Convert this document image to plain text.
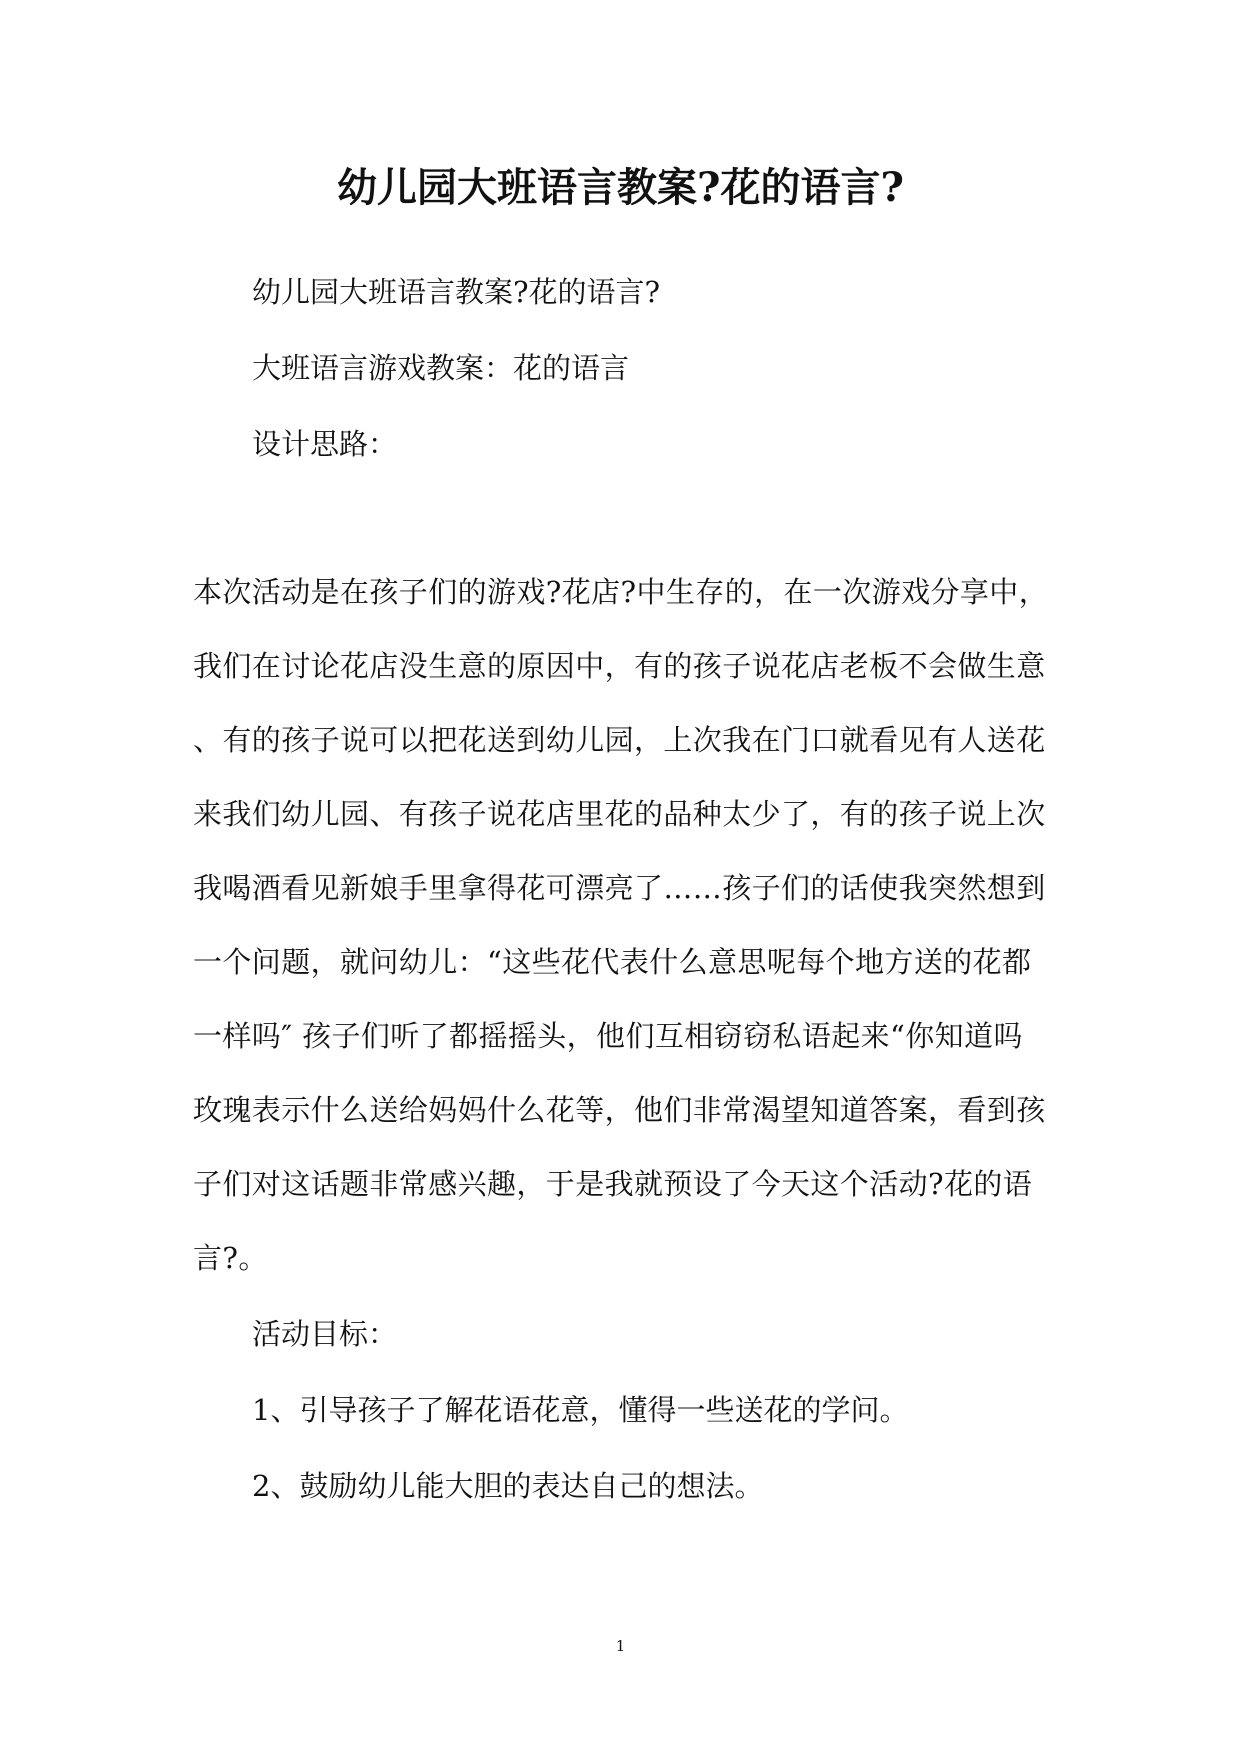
幼儿园大班语言教案?花的语言?
幼儿园大班语言教案?花的语言?
大班语言游戏教案：花的语言
设计思路：
本次活动是在孩子们的游戏?花店?中生存的，在一次游戏分享中，
我们在讨论花店没生意的原因中，有的孩子说花店老板不会做生意
、有的孩子说可以把花送到幼儿园，上次我在门口就看见有人送花
来我们幼儿园、有孩子说花店里花的品种太少了，有的孩子说上次
我喝酒看见新娘手里拿得花可漂亮了……孩子们的话使我突然想到
一个问题，就问幼儿：“这些花代表什么意思呢每个地方送的花都
一样吗″ 孩子们听了都摇摇头，他们互相窃窃私语起来“你知道吗
玫瑰表示什么送给妈妈什么花等，他们非常渴望知道答案，看到孩
子们对这话题非常感兴趣，于是我就预设了今天这个活动?花的语
言?。
活动目标：
1、引导孩子了解花语花意，懂得一些送花的学问。
2、鼓励幼儿能大胆的表达自己的想法。
1
